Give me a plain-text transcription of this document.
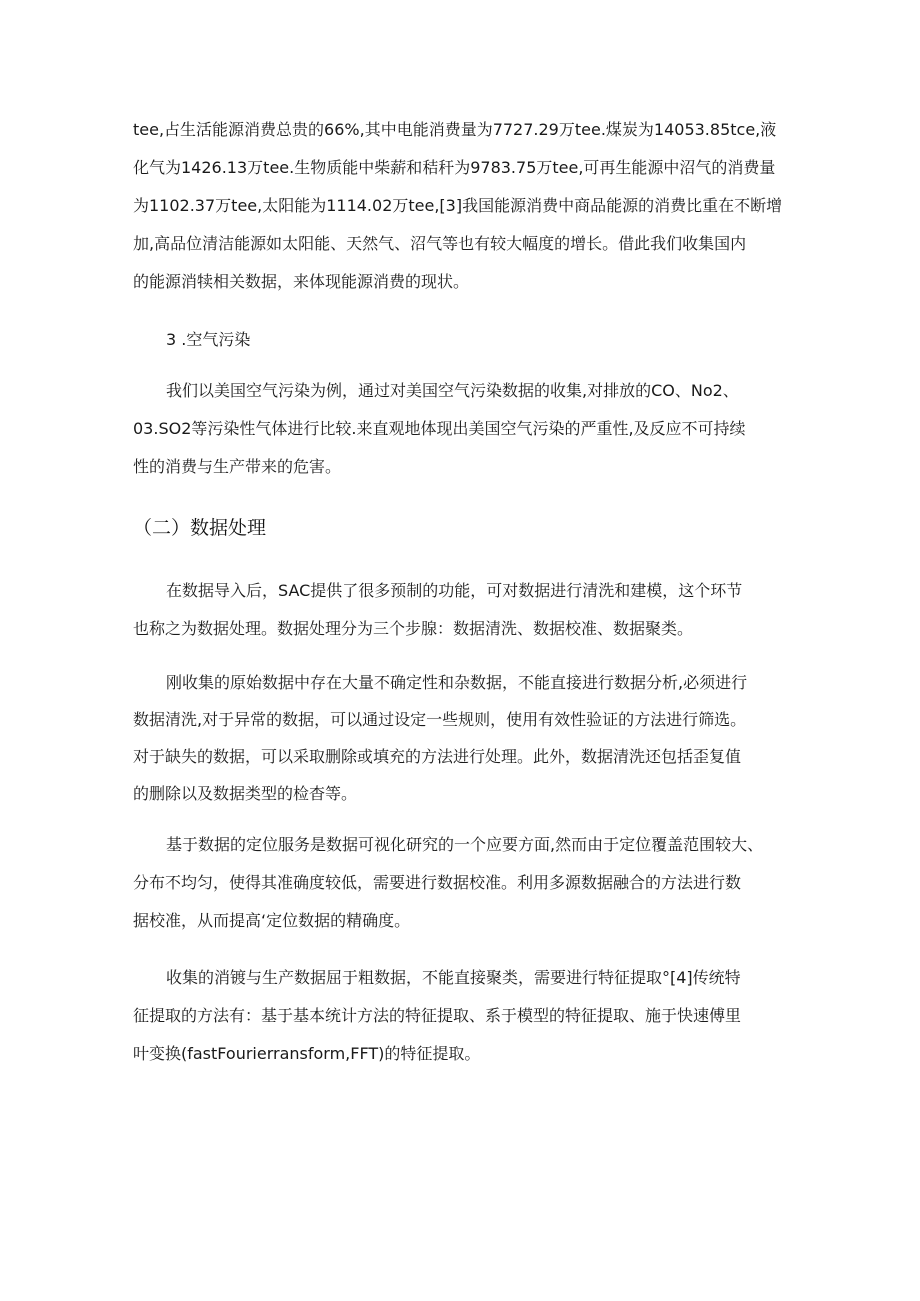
tee,占生活能源消费总贵的66%,其中电能消费量为7727.29万tee.煤炭为14053.85tce,液
化气为1426.13万tee.生物质能中柴薪和秸秆为9783.75万tee,可再生能源中沼气的消费量
为1102.37万tee,太阳能为1114.02万tee,[3]我国能源消费中商品能源的消费比重在不断增
加,高品位清洁能源如太阳能、天然气、沼气等也有较大幅度的增长。借此我们收集国内
的能源消犊相关数据，来体现能源消费的现状。
3 .空气污染
我们以美国空气污染为例，通过对美国空气污染数据的收集,对排放的CO、No2、
03.SO2等污染性气体进行比较.来直观地体现出美国空气污染的严重性,及反应不可持续
性的消费与生产带来的危害。
（二）数据处理
在数据导入后，SAC提供了很多预制的功能，可对数据进行清洗和建模，这个环节
也称之为数据处理。数据处理分为三个步腺：数据清洗、数据校准、数据聚类。
刚收集的原始数据中存在大量不确定性和杂数据，不能直接进行数据分析,必须进行
数据清洗,对于异常的数据，可以通过设定一些规则，使用有效性验证的方法进行筛选。
对于缺失的数据，可以采取删除或填充的方法进行处理。此外，数据清洗还包括歪复值
的删除以及数据类型的检杳等。
基于数据的定位服务是数据可视化研究的一个应要方面,然而由于定位覆盖范围较大、
分布不均匀，使得其准确度较低，需要进行数据校准。利用多源数据融合的方法进行数
据校准，从而提高‘定位数据的精确度。
收集的消镀与生产数据屈于粗数据，不能直接聚类，需要进行特征提取°[4]传统特
征提取的方法有：基于基本统计方法的特征提取、系于模型的特征提取、施于快速傅里
叶变换(fastFourierransform,FFT)的特征提取。
